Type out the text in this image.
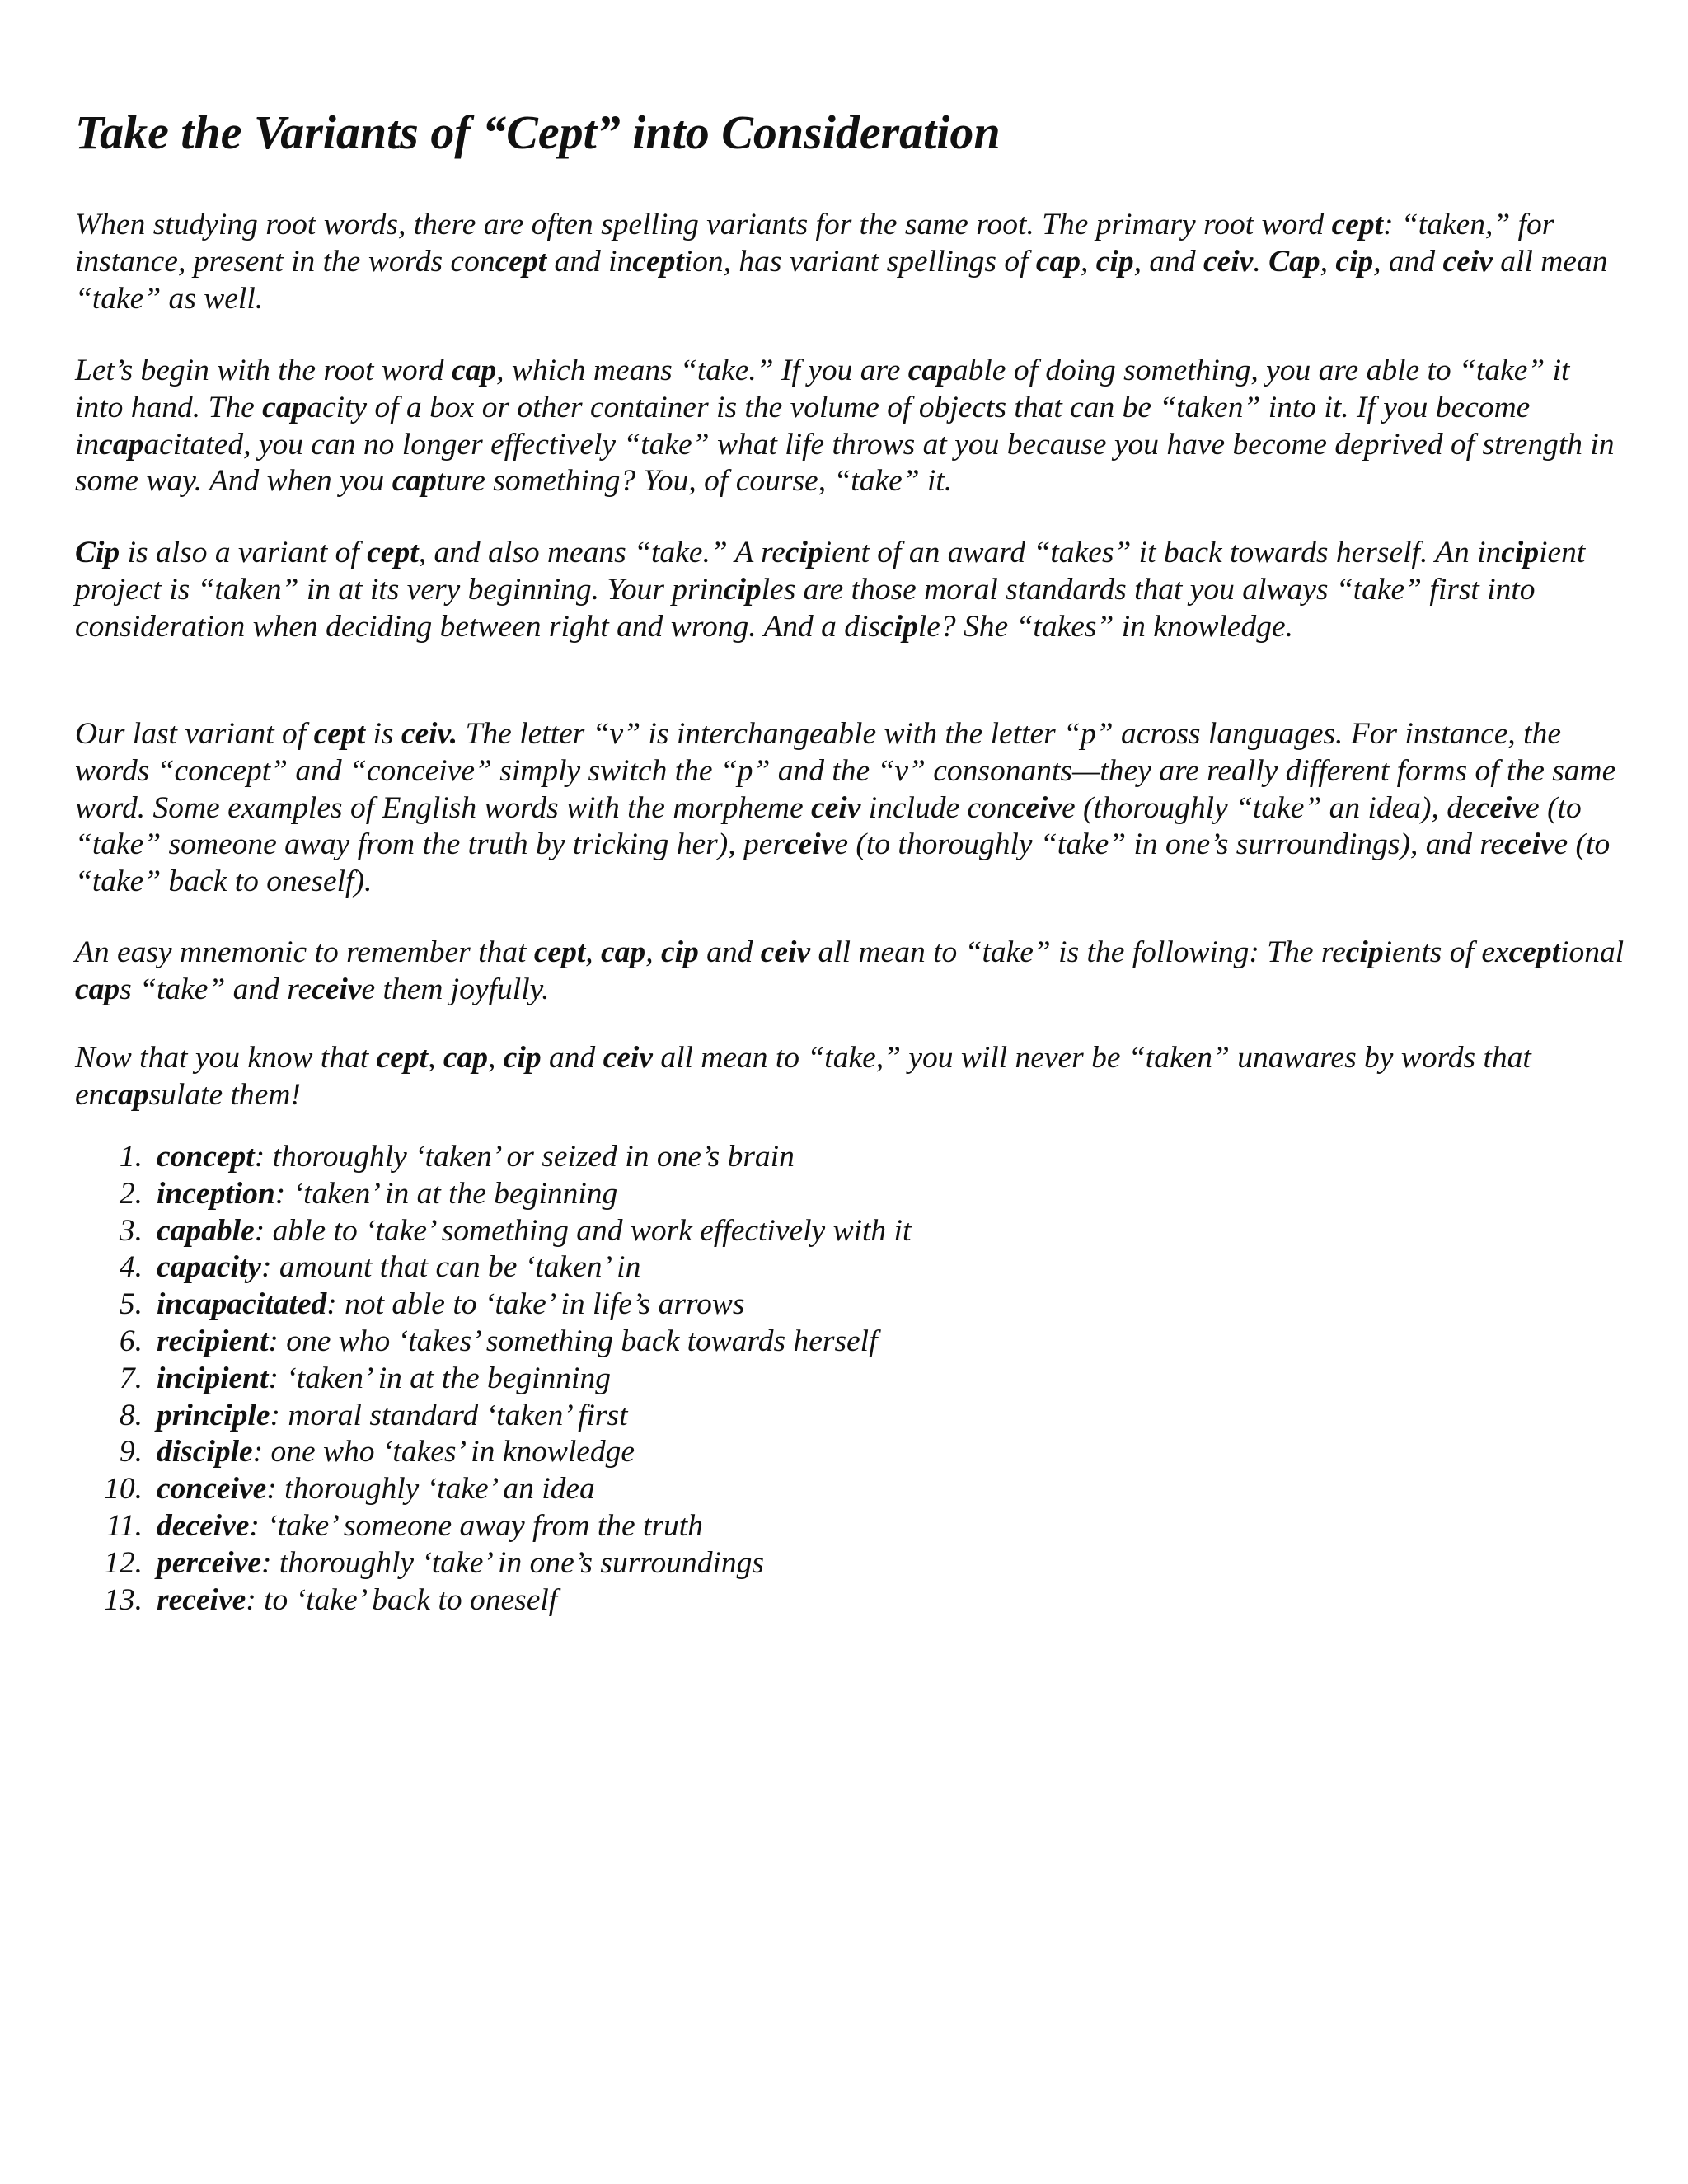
Take the Variants of “Cept” into Consideration

When studying root words, there are often spelling variants for the same root. The primary root word cept: “taken,” for instance, present in the words concept and inception, has variant spellings of cap, cip, and ceiv. Cap, cip, and ceiv all mean “take” as well.

Let’s begin with the root word cap, which means “take.” If you are capable of doing something, you are able to “take” it into hand. The capacity of a box or other container is the volume of objects that can be “taken” into it. If you become incapacitated, you can no longer effectively “take” what life throws at you because you have become deprived of strength in some way. And when you capture something? You, of course, “take” it.

Cip is also a variant of cept, and also means “take.” A recipient of an award “takes” it back towards herself. An incipient project is “taken” in at its very beginning. Your principles are those moral standards that you always “take” first into consideration when deciding between right and wrong. And a disciple? She “takes” in knowledge.

Our last variant of cept is ceiv. The letter “v” is interchangeable with the letter “p” across languages. For instance, the words “concept” and “conceive” simply switch the “p” and the “v” consonants—they are really different forms of the same word. Some examples of English words with the morpheme ceiv include conceive (thoroughly “take” an idea), deceive (to “take” someone away from the truth by tricking her), perceive (to thoroughly “take” in one’s surroundings), and receive (to “take” back to oneself).

An easy mnemonic to remember that cept, cap, cip and ceiv all mean to “take” is the following: The recipients of exceptional caps “take” and receive them joyfully.

Now that you know that cept, cap, cip and ceiv all mean to “take,” you will never be “taken” unawares by words that encapsulate them!

1. concept: thoroughly ‘taken’ or seized in one’s brain
2. inception: ‘taken’ in at the beginning
3. capable: able to ‘take’ something and work effectively with it
4. capacity: amount that can be ‘taken’ in
5. incapacitated: not able to ‘take’ in life’s arrows
6. recipient: one who ‘takes’ something back towards herself
7. incipient: ‘taken’ in at the beginning
8. principle: moral standard ‘taken’ first
9. disciple: one who ‘takes’ in knowledge
10. conceive: thoroughly ‘take’ an idea
11. deceive: ‘take’ someone away from the truth
12. perceive: thoroughly ‘take’ in one’s surroundings
13. receive: to ‘take’ back to oneself
